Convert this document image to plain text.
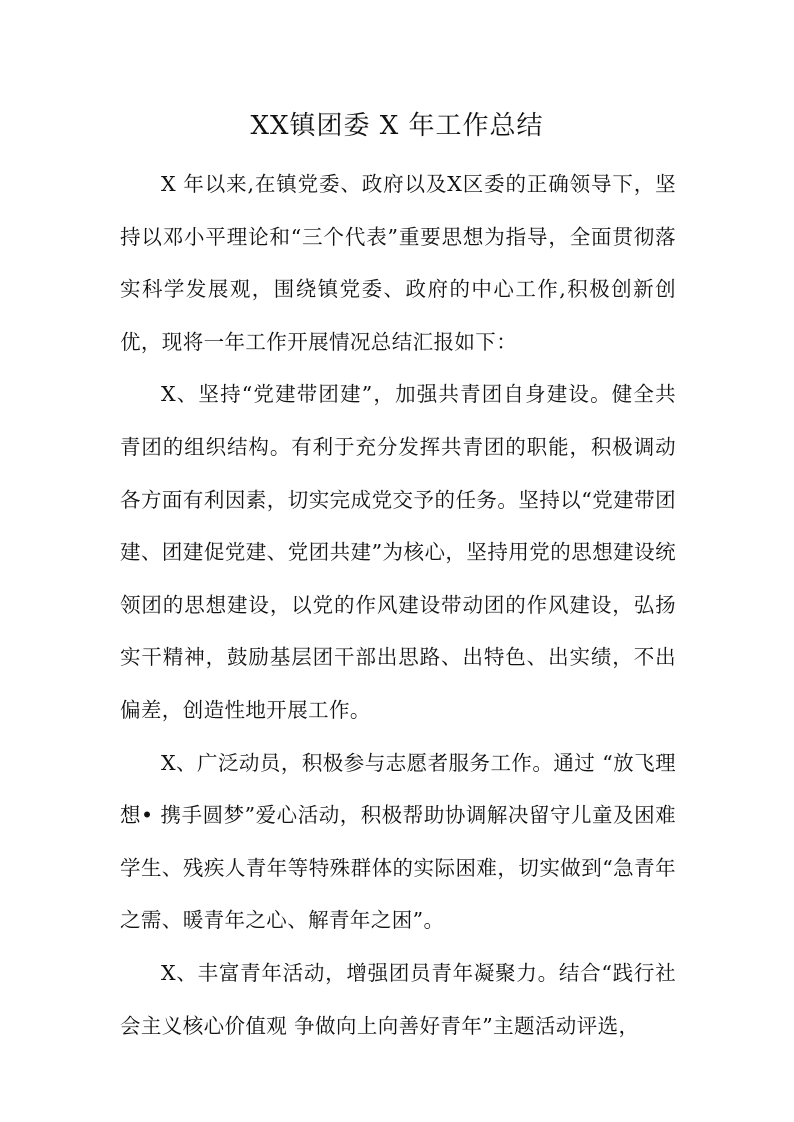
XX镇团委 X 年工作总结

X 年以来,在镇党委、政府以及X区委的正确领导下，坚持以邓小平理论和“三个代表”重要思想为指导，全面贯彻落实科学发展观，围绕镇党委、政府的中心工作,积极创新创优，现将一年工作开展情况总结汇报如下：

X、坚持“党建带团建”，加强共青团自身建设。健全共青团的组织结构。有利于充分发挥共青团的职能，积极调动各方面有利因素，切实完成党交予的任务。坚持以“党建带团建、团建促党建、党团共建”为核心，坚持用党的思想建设统领团的思想建设，以党的作风建设带动团的作风建设，弘扬实干精神，鼓励基层团干部出思路、出特色、出实绩，不出偏差，创造性地开展工作。

X、广泛动员，积极参与志愿者服务工作。通过 “放飞理想• 携手圆梦”爱心活动，积极帮助协调解决留守儿童及困难学生、残疾人青年等特殊群体的实际困难，切实做到“急青年之需、暖青年之心、解青年之困”。

X、丰富青年活动，增强团员青年凝聚力。结合“践行社会主义核心价值观 争做向上向善好青年”主题活动评选，
